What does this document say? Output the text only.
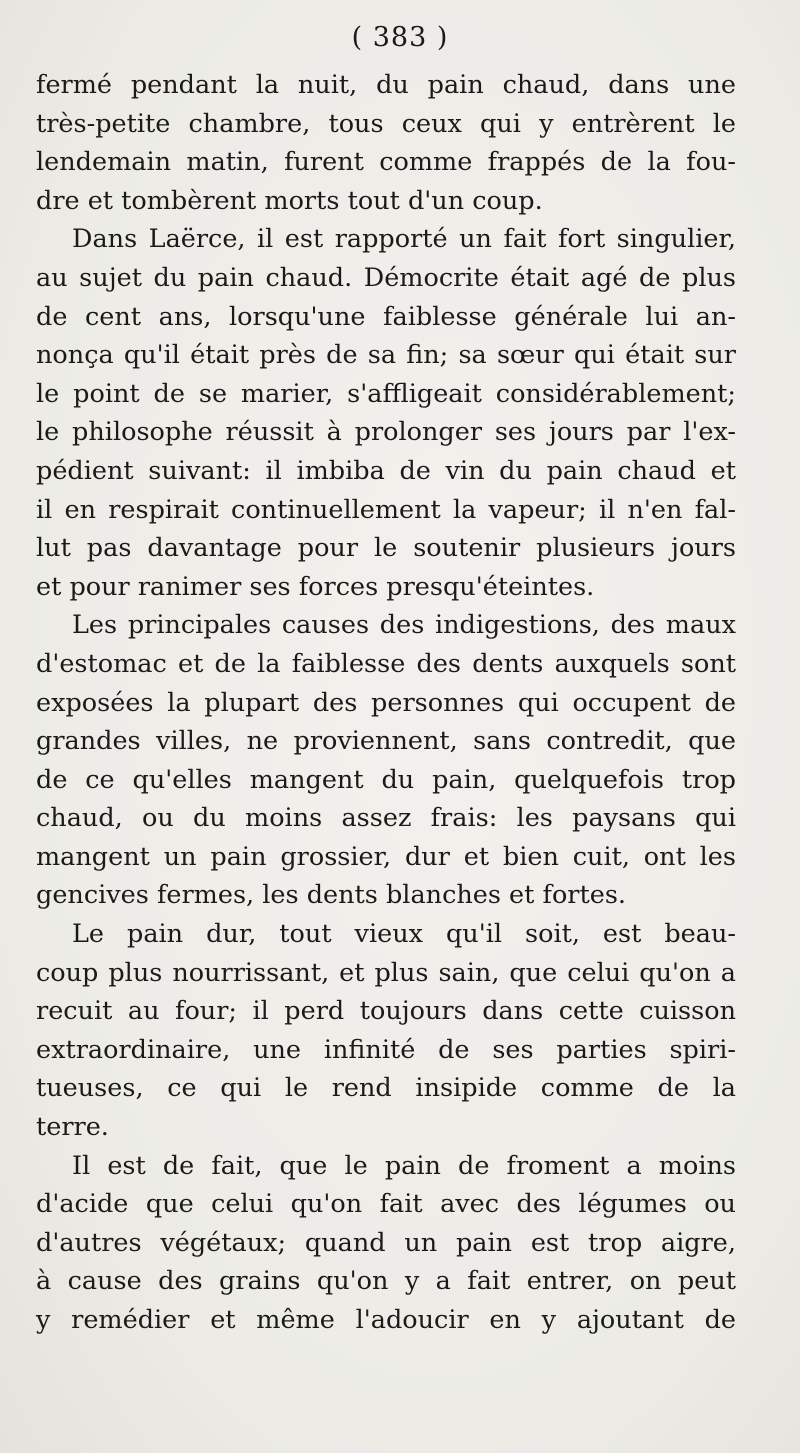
( 383 )
fermé pendant la nuit, du pain chaud, dans une
très-petite chambre, tous ceux qui y entrèrent le
lendemain matin, furent comme frappés de la fou-
dre et tombèrent morts tout d'un coup.
Dans Laërce, il est rapporté un fait fort singulier,
au sujet du pain chaud. Démocrite était agé de plus
de cent ans, lorsqu'une faiblesse générale lui an-
nonça qu'il était près de sa fin; sa sœur qui était sur
le point de se marier, s'affligeait considérablement;
le philosophe réussit à prolonger ses jours par l'ex-
pédient suivant: il imbiba de vin du pain chaud et
il en respirait continuellement la vapeur; il n'en fal-
lut pas davantage pour le soutenir plusieurs jours
et pour ranimer ses forces presqu'éteintes.
Les principales causes des indigestions, des maux
d'estomac et de la faiblesse des dents auxquels sont
exposées la plupart des personnes qui occupent de
grandes villes, ne proviennent, sans contredit, que
de ce qu'elles mangent du pain, quelquefois trop
chaud, ou du moins assez frais: les paysans qui
mangent un pain grossier, dur et bien cuit, ont les
gencives fermes, les dents blanches et fortes.
Le pain dur, tout vieux qu'il soit, est beau-
coup plus nourrissant, et plus sain, que celui qu'on a
recuit au four; il perd toujours dans cette cuisson
extraordinaire, une infinité de ses parties spiri-
tueuses, ce qui le rend insipide comme de la
terre.
Il est de fait, que le pain de froment a moins
d'acide que celui qu'on fait avec des légumes ou
d'autres végétaux; quand un pain est trop aigre,
à cause des grains qu'on y a fait entrer, on peut
y remédier et même l'adoucir en y ajoutant de
